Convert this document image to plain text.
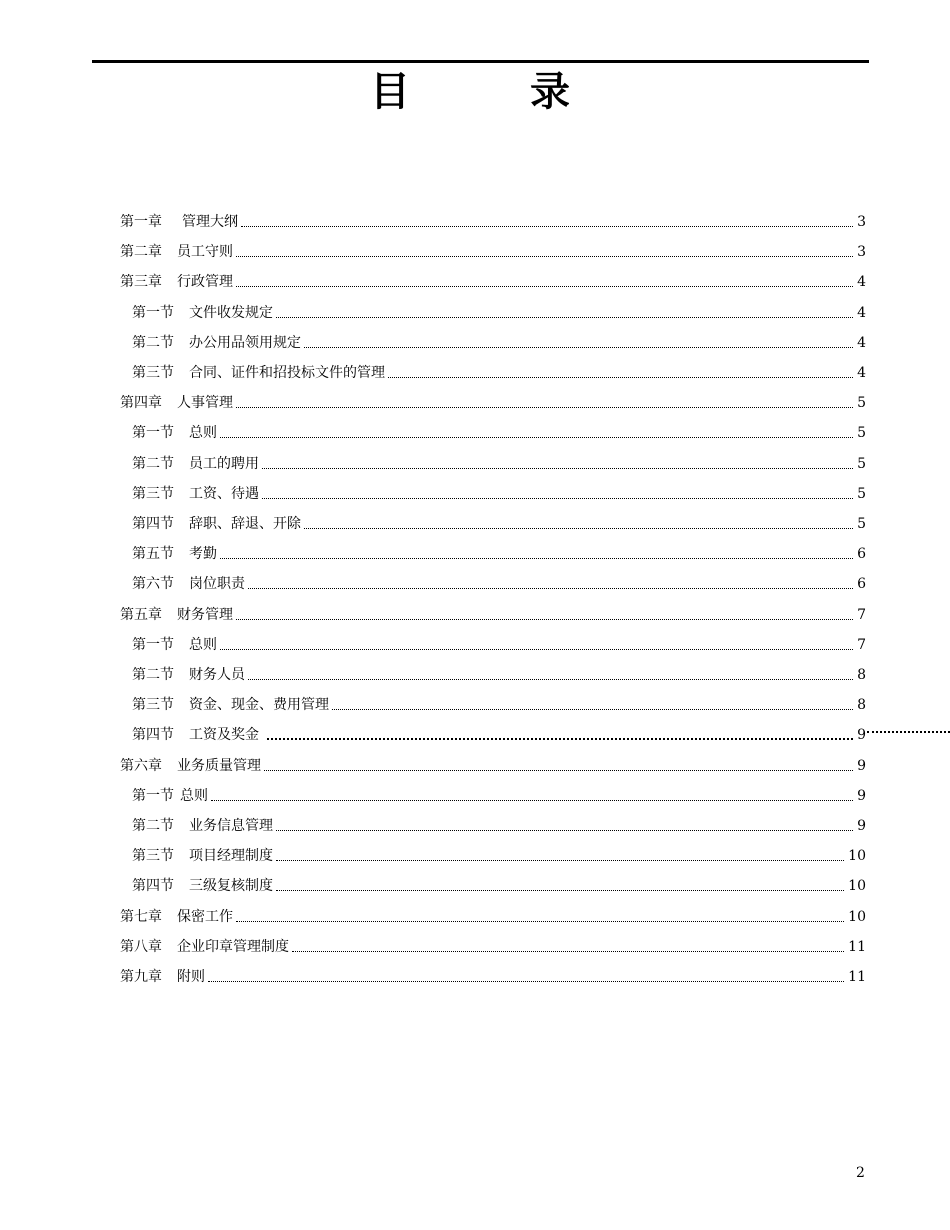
目　录
第一章 管理大纲	3
第二章 员工守则	3
第三章 行政管理	4
第一节 文件收发规定	4
第二节 办公用品领用规定	4
第三节 合同、证件和招投标文件的管理	4
第四章 人事管理	5
第一节 总则	5
第二节 员工的聘用	5
第三节 工资、待遇	5
第四节 辞职、辞退、开除	5
第五节 考勤	6
第六节 岗位职责	6
第五章 财务管理	7
第一节 总则	7
第二节 财务人员	8
第三节 资金、现金、费用管理	8
第四节 工资及奖金	9
第六章 业务质量管理	9
第一节 总则	9
第二节 业务信息管理	9
第三节 项目经理制度	10
第四节 三级复核制度	10
第七章 保密工作	10
第八章 企业印章管理制度	11
第九章 附则	11
2
